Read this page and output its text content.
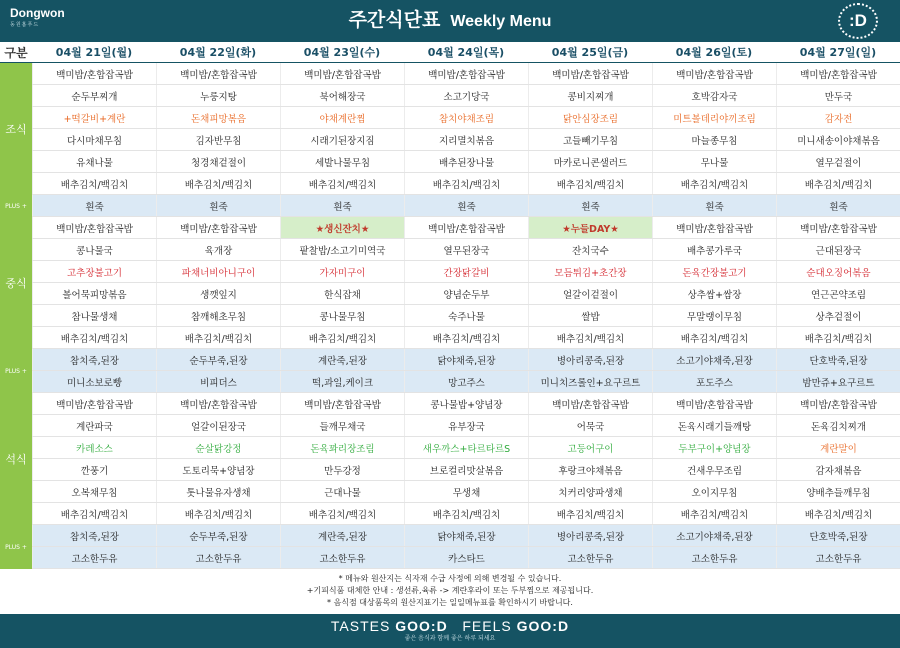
Dongwon
동원홈푸드	주간식단표 Weekly Menu	:D
구분	04월 21일(월)	04월 22일(화)	04월 23일(수)	04월 24일(목)	04월 25일(금)	04월 26일(토)	04월 27일(일)
백미밥/혼합잡곡밥	백미밥/혼합잡곡밥	백미밥/혼합잡곡밥	백미밥/혼합잡곡밥	백미밥/혼합잡곡밥	백미밥/혼합잡곡밥	백미밥/혼합잡곡밥
순두부찌개	누룽지탕	북어해장국	소고기당국	콩비지찌개	호박감자국	만두국
+떡갈비+계란	돈채피망볶음	야채계란찜	참치야채조림	닭안심장조림	미트볼데리야끼조림	감자전
다시마채무침	김자반무침	시래기된장지짐	지리멸치볶음	고들빼기무침	마늘종무침	미니새송이야채볶음
유채나물	청경채겉절이	세발나물무침	배추된장나물	마카로니콘샐러드	무나물	열무겉절이
배추김치/백김치	배추김치/백김치	배추김치/백김치	배추김치/백김치	배추김치/백김치	배추김치/백김치	배추김치/백김치
흰죽	흰죽	흰죽	흰죽	흰죽	흰죽	흰죽
조식
PLUS +
백미밥/혼합잡곡밥	백미밥/혼합잡곡밥	★생신잔치★	백미밥/혼합잡곡밥	★누들DAY★	백미밥/혼합잡곡밥	백미밥/혼합잡곡밥
콩나물국	육개장	팥찰밥/소고기미역국	열무된장국	잔치국수	배추콩가루국	근대된장국
고추장불고기	파채너비아니구이	가자미구이	간장닭갈비	모듬튀김+초간장	돈육간장불고기	순대오징어볶음
볼어묵피망볶음	생깻잎지	한식잡채	양념순두부	얼갈이겉절이	상추쌈+쌈장	연근곤약조림
참나물생채	참깨해초무침	콩나물무침	숙주나물	쌀밥	무말랭이무침	상추겉절이
배추김치/백김치	배추김치/백김치	배추김치/백김치	배추김치/백김치	배추김치/백김치	배추김치/백김치	배추김치/백김치
참치죽,된장	순두부죽,된장	계란죽,된장	닭야채죽,된장	병아리콩죽,된장	소고기야채죽,된장	단호박죽,된장
미니소보로빵	비피더스	떡,과일,케이크	망고주스	미니치즈롤인+요구르트	포도주스	밤만쥬+요구르트
중식
PLUS +
백미밥/혼합잡곡밥	백미밥/혼합잡곡밥	백미밥/혼합잡곡밥	콩나물밥+양념장	백미밥/혼합잡곡밥	백미밥/혼합잡곡밥	백미밥/혼합잡곡밥
계란파국	얼갈이된장국	들깨무채국	유부장국	어묵국	돈육시래기들깨탕	돈육김치찌개
카레소스	순살닭강정	돈육꽈리장조림	새우까스+타르타르S	고등어구이	두부구이+양념장	계란말이
깐풍기	도토리묵+양념장	만두강정	브로컬리맛살볶음	후랑크야채볶음	건새우무조림	감자채볶음
오복채무침	톳나물유자생채	근대나물	무생채	치커리양파생채	오이지무침	양배추들깨무침
배추김치/백김치	배추김치/백김치	배추김치/백김치	배추김치/백김치	배추김치/백김치	배추김치/백김치	배추김치/백김치
참치죽,된장	순두부죽,된장	계란죽,된장	닭야채죽,된장	병아리콩죽,된장	소고기야채죽,된장	단호박죽,된장
고소한두유	고소한두유	고소한두유	카스타드	고소한두유	고소한두유	고소한두유
석식
PLUS +
* 메뉴와 원산지는 식자재 수급 사정에 의해 변경될 수 있습니다.
+기피식품 대체한 안내 : 생선류,육류 -> 계란후라이 또는 두부찜으로 제공됩니다.
* 음식점 대상품목의 원산지표기는 일일메뉴표를 확인하시기 바랍니다.
TASTES GOO:D FEELS GOO:D
좋은 음식과 함께 좋은 하루 되세요
